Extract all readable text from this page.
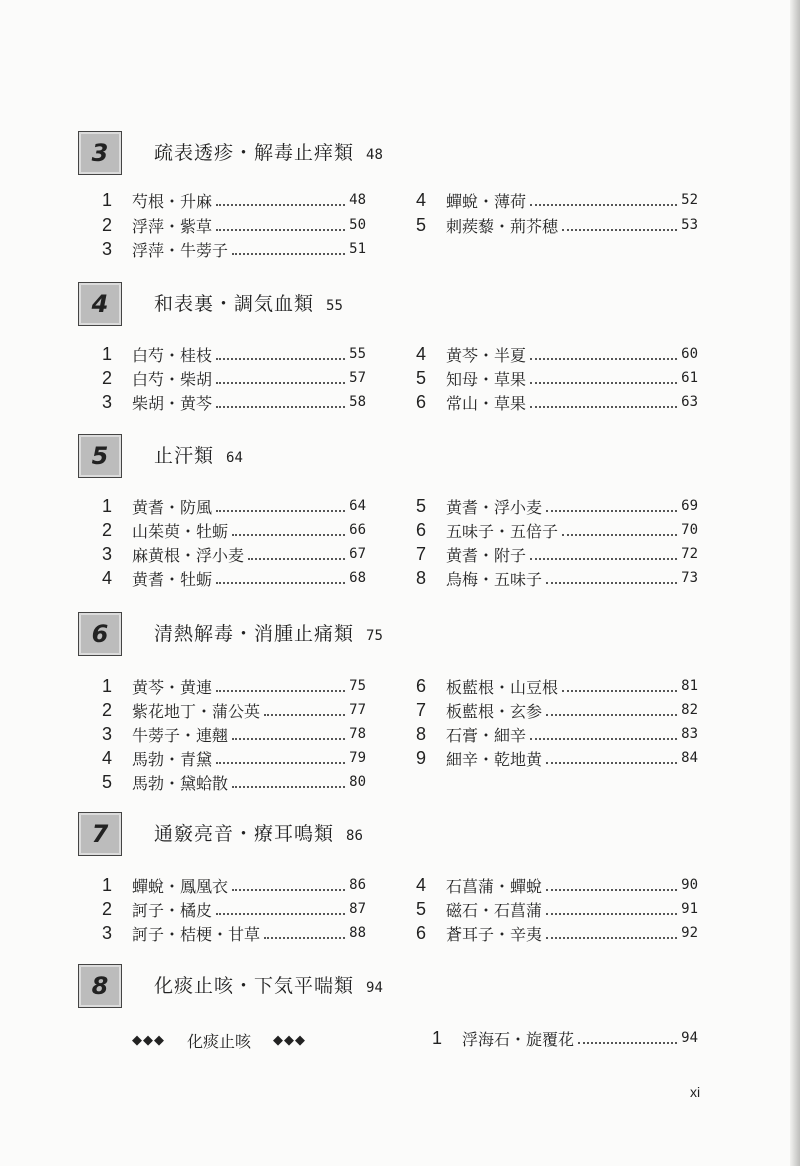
3	疏表透疹・解毒止痒類 48
1	芍根・升麻	48
2	浮萍・紫草	50
3	浮萍・牛蒡子	51
4	蟬蛻・薄荷	52
5	刺蒺藜・荊芥穂	53
4	和表裏・調気血類 55
1	白芍・桂枝	55
2	白芍・柴胡	57
3	柴胡・黄芩	58
4	黄芩・半夏	60
5	知母・草果	61
6	常山・草果	63
5	止汗類 64
1	黄耆・防風	64
2	山茱萸・牡蛎	66
3	麻黄根・浮小麦	67
4	黄耆・牡蛎	68
5	黄耆・浮小麦	69
6	五味子・五倍子	70
7	黄耆・附子	72
8	烏梅・五味子	73
6	清熱解毒・消腫止痛類 75
1	黄芩・黄連	75
2	紫花地丁・蒲公英	77
3	牛蒡子・連翹	78
4	馬勃・青黛	79
5	馬勃・黛蛤散	80
6	板藍根・山豆根	81
7	板藍根・玄参	82
8	石膏・細辛	83
9	細辛・乾地黄	84
7	通竅亮音・療耳鳴類 86
1	蟬蛻・鳳凰衣	86
2	訶子・橘皮	87
3	訶子・桔梗・甘草	88
4	石菖蒲・蟬蛻	90
5	磁石・石菖蒲	91
6	蒼耳子・辛夷	92
8	化痰止咳・下気平喘類 94
1	浮海石・旋覆花	94
◆◆◆ 化痰止咳 ◆◆◆
xi
